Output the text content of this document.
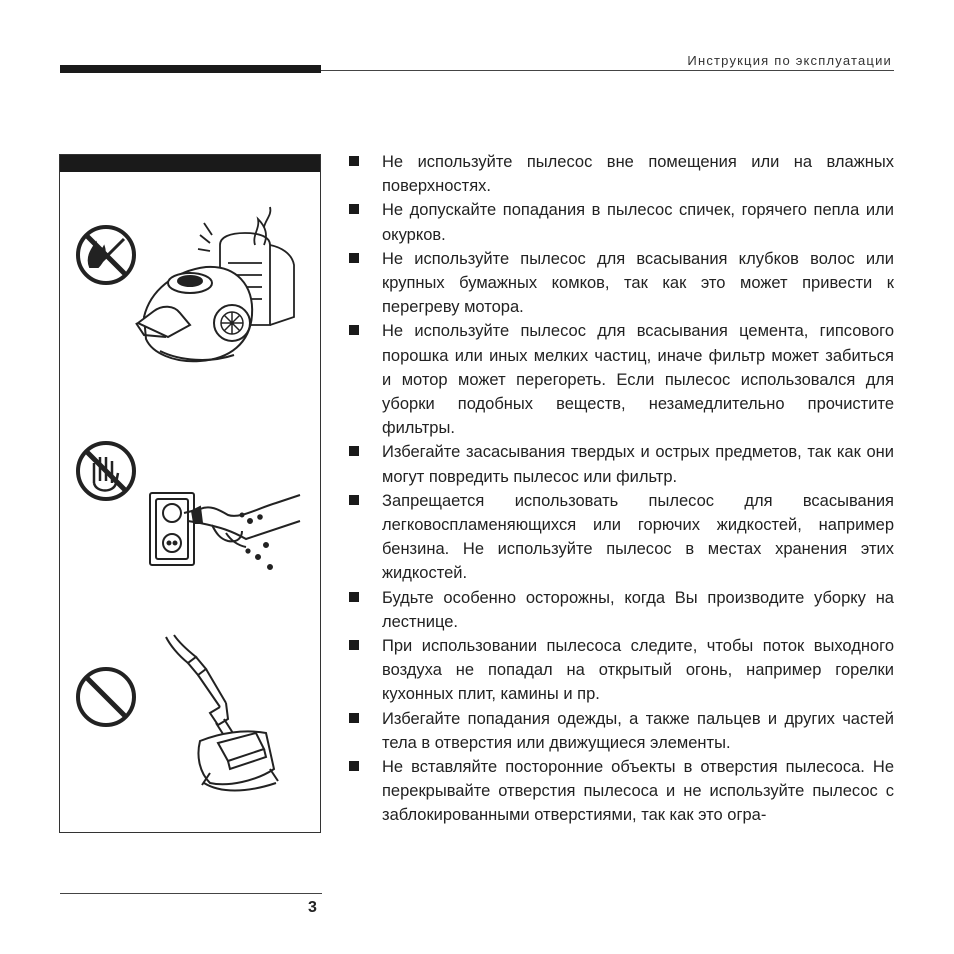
Инструкция по эксплуатации
Не используйте пылесос вне помещения или на влажных поверхностях.
Не допускайте попадания в пылесос спичек, горячего пепла или окурков.
Не используйте пылесос для всасывания клубков волос или крупных бумажных комков, так как это может привести к перегреву мотора.
Не используйте пылесос для всасывания цемента, гипсового порошка или иных мелких частиц, иначе фильтр может забиться и мотор может перегореть. Если пылесос использовался для уборки подобных веществ, незамедлительно прочистите фильтры.
Избегайте засасывания твердых и острых предметов, так как они могут повредить пылесос или фильтр.
Запрещается использовать пылесос для всасывания легковоспламеняющихся или горючих жидкостей, например бензина. Не используйте пылесос в местах хранения этих жидкостей.
Будьте особенно осторожны, когда Вы производите уборку на лестнице.
При использовании пылесоса следите, чтобы поток выходного воздуха не попадал на открытый огонь, например горелки кухонных плит, камины и пр.
Избегайте попадания одежды, а также пальцев и других частей тела в отверстия или движущиеся элементы.
Не вставляйте посторонние объекты в отверстия пылесоса. Не перекрывайте отверстия пылесоса и не используйте пылесос с заблокированными отверстиями, так как это огра-
3
